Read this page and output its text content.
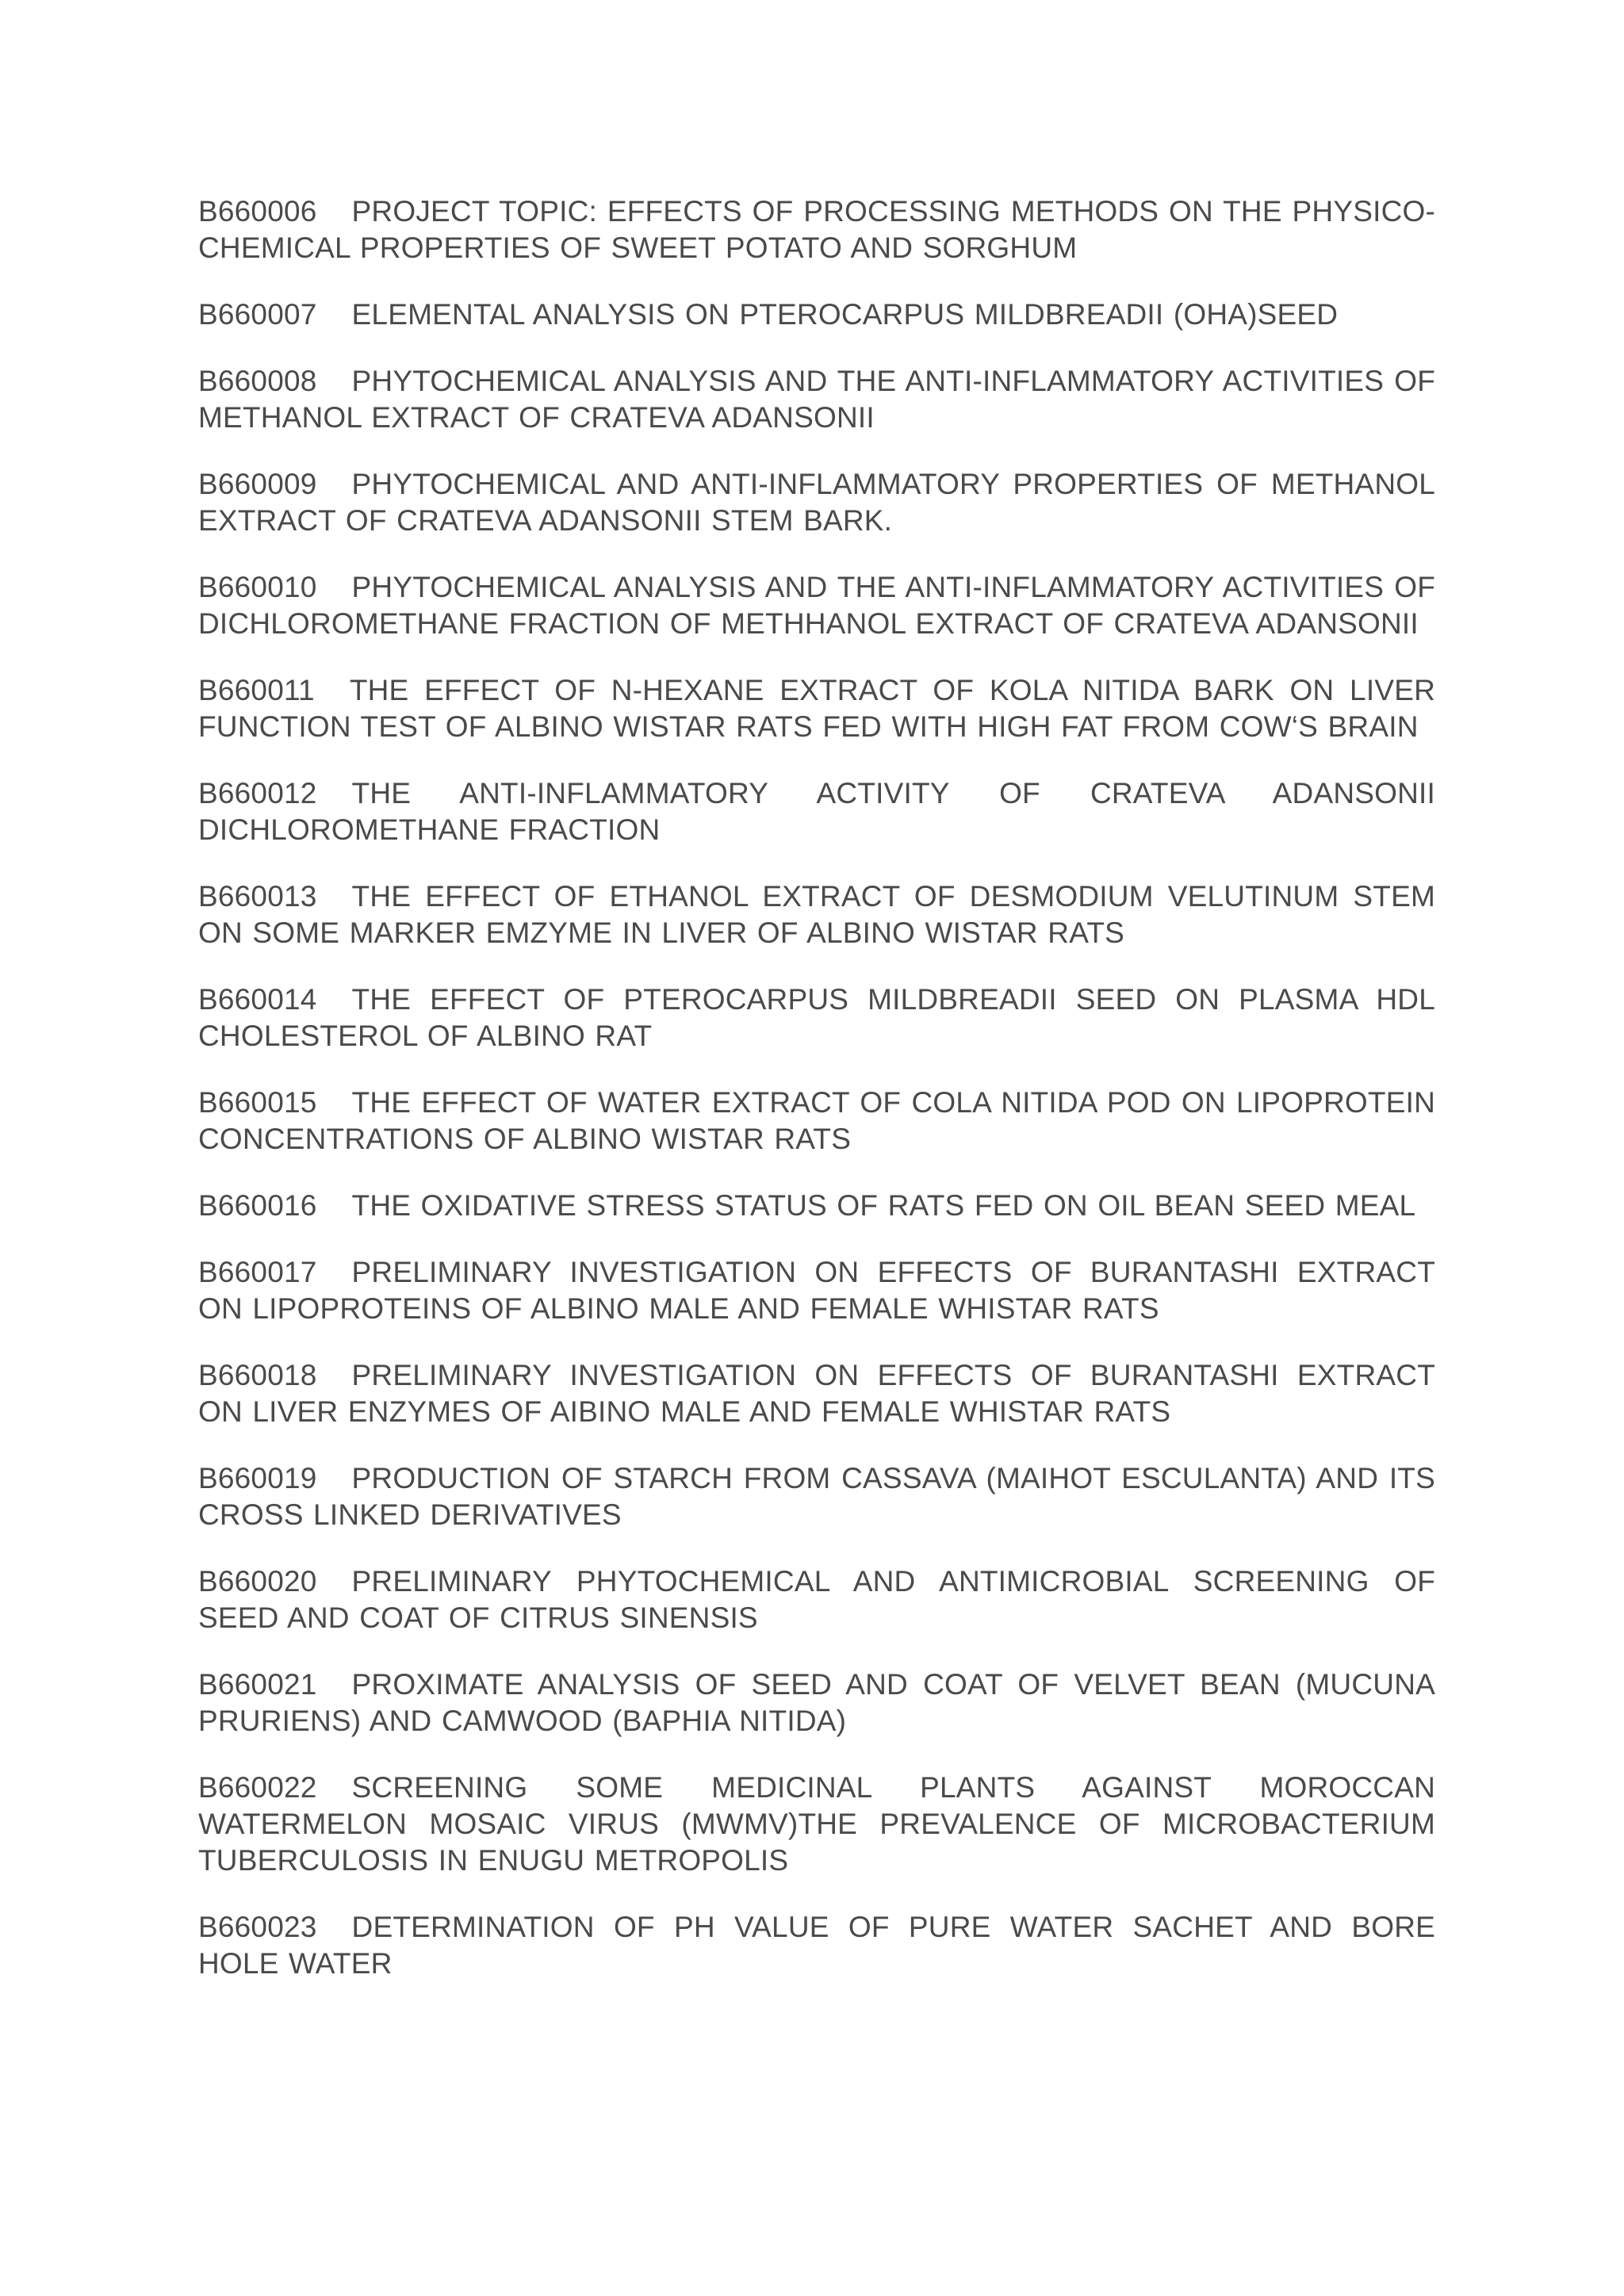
B660006 PROJECT TOPIC: EFFECTS OF PROCESSING METHODS ON THE PHYSICO-CHEMICAL PROPERTIES OF SWEET POTATO AND SORGHUM

B660007 ELEMENTAL ANALYSIS ON PTEROCARPUS MILDBREADII (OHA)SEED

B660008 PHYTOCHEMICAL ANALYSIS AND THE ANTI-INFLAMMATORY ACTIVITIES OF METHANOL EXTRACT OF CRATEVA ADANSONII

B660009 PHYTOCHEMICAL AND ANTI-INFLAMMATORY PROPERTIES OF METHANOL EXTRACT OF CRATEVA ADANSONII STEM BARK.

B660010 PHYTOCHEMICAL ANALYSIS AND THE ANTI-INFLAMMATORY ACTIVITIES OF DICHLOROMETHANE FRACTION OF METHHANOL EXTRACT OF CRATEVA ADANSONII

B660011 THE EFFECT OF N-HEXANE EXTRACT OF KOLA NITIDA BARK ON LIVER FUNCTION TEST OF ALBINO WISTAR RATS FED WITH HIGH FAT FROM COW‘S BRAIN

B660012 THE ANTI-INFLAMMATORY ACTIVITY OF CRATEVA ADANSONII DICHLOROMETHANE FRACTION

B660013 THE EFFECT OF ETHANOL EXTRACT OF DESMODIUM VELUTINUM STEM ON SOME MARKER EMZYME IN LIVER OF ALBINO WISTAR RATS

B660014 THE EFFECT OF PTEROCARPUS MILDBREADII SEED ON PLASMA HDL CHOLESTEROL OF ALBINO RAT

B660015 THE EFFECT OF WATER EXTRACT OF COLA NITIDA POD ON LIPOPROTEIN CONCENTRATIONS OF ALBINO WISTAR RATS

B660016 THE OXIDATIVE STRESS STATUS OF RATS FED ON OIL BEAN SEED MEAL

B660017 PRELIMINARY INVESTIGATION ON EFFECTS OF BURANTASHI EXTRACT ON LIPOPROTEINS OF ALBINO MALE AND FEMALE WHISTAR RATS

B660018 PRELIMINARY INVESTIGATION ON EFFECTS OF BURANTASHI EXTRACT ON LIVER ENZYMES OF AIBINO MALE AND FEMALE WHISTAR RATS

B660019 PRODUCTION OF STARCH FROM CASSAVA (MAIHOT ESCULANTA) AND ITS CROSS LINKED DERIVATIVES

B660020 PRELIMINARY PHYTOCHEMICAL AND ANTIMICROBIAL SCREENING OF SEED AND COAT OF CITRUS SINENSIS

B660021 PROXIMATE ANALYSIS OF SEED AND COAT OF VELVET BEAN (MUCUNA PRURIENS) AND CAMWOOD (BAPHIA NITIDA)

B660022 SCREENING SOME MEDICINAL PLANTS AGAINST MOROCCAN WATERMELON MOSAIC VIRUS (MWMV)THE PREVALENCE OF MICROBACTERIUM TUBERCULOSIS IN ENUGU METROPOLIS

B660023 DETERMINATION OF PH VALUE OF PURE WATER SACHET AND BORE HOLE WATER
